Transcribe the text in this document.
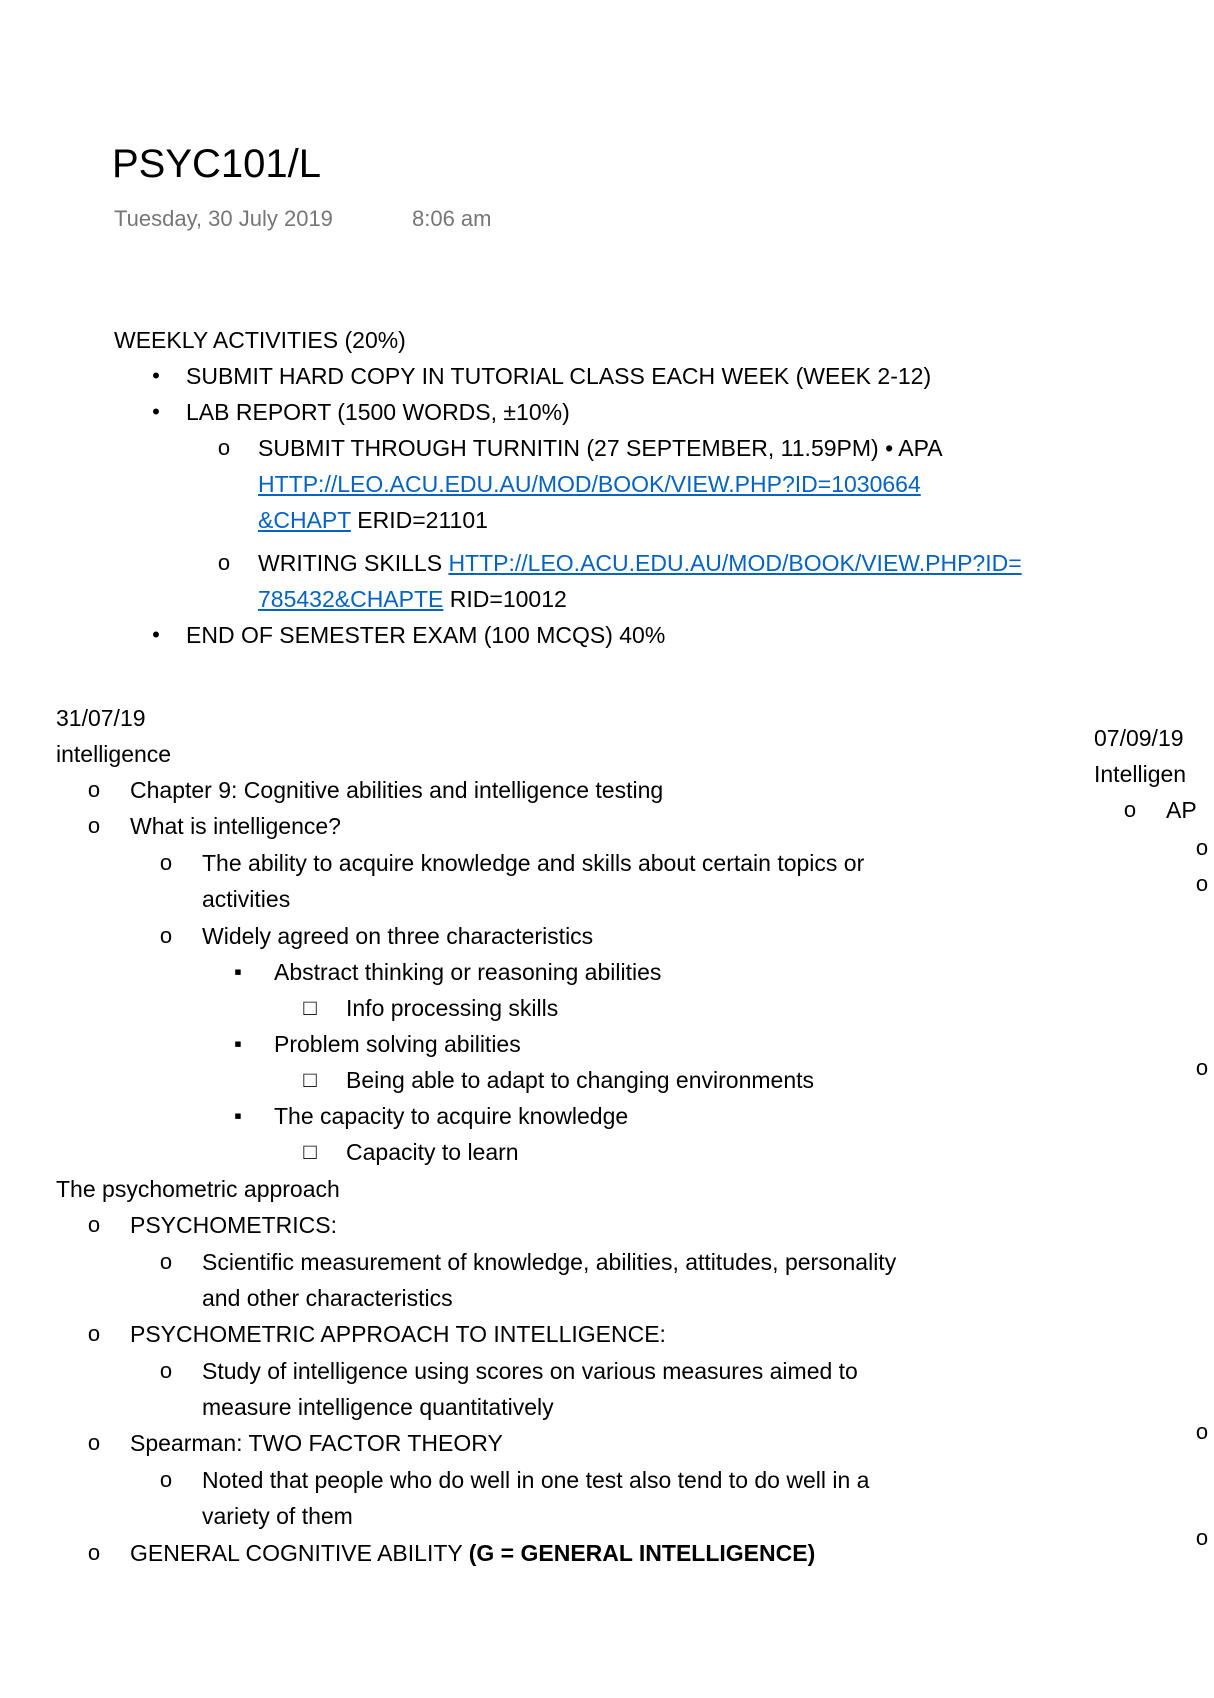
PSYC101/L
Tuesday, 30 July 2019	8:06 am
WEEKLY ACTIVITIES (20%)
•	SUBMIT HARD COPY IN TUTORIAL CLASS EACH WEEK (WEEK 2-12)
•	LAB REPORT (1500 WORDS, ±10%)
o SUBMIT THROUGH TURNITIN (27 SEPTEMBER, 11.59PM) • APA
HTTP://LEO.ACU.EDU.AU/MOD/BOOK/VIEW.PHP?ID=1030664
&CHAPT ERID=21101
o WRITING SKILLS HTTP://LEO.ACU.EDU.AU/MOD/BOOK/VIEW.PHP?ID=
785432&CHAPTE RID=10012
•	END OF SEMESTER EXAM (100 MCQS) 40%
31/07/19
intelligence
o Chapter 9: Cognitive abilities and intelligence testing
o What is intelligence?
o The ability to acquire knowledge and skills about certain topics or
activities
o Widely agreed on three characteristics
▪	Abstract thinking or reasoning abilities
□ Info processing skills
▪	Problem solving abilities
□ Being able to adapt to changing environments
▪	The capacity to acquire knowledge
□ Capacity to learn
The psychometric approach
o PSYCHOMETRICS:
o Scientific measurement of knowledge, abilities, attitudes, personality
and other characteristics
o PSYCHOMETRIC APPROACH TO INTELLIGENCE:
o Study of intelligence using scores on various measures aimed to
measure intelligence quantitatively
o Spearman: TWO FACTOR THEORY
o Noted that people who do well in one test also tend to do well in a
variety of them
o GENERAL COGNITIVE ABILITY (G = GENERAL INTELLIGENCE)
07/09/19
Intelligen
o AP
o
o
o
o
o
